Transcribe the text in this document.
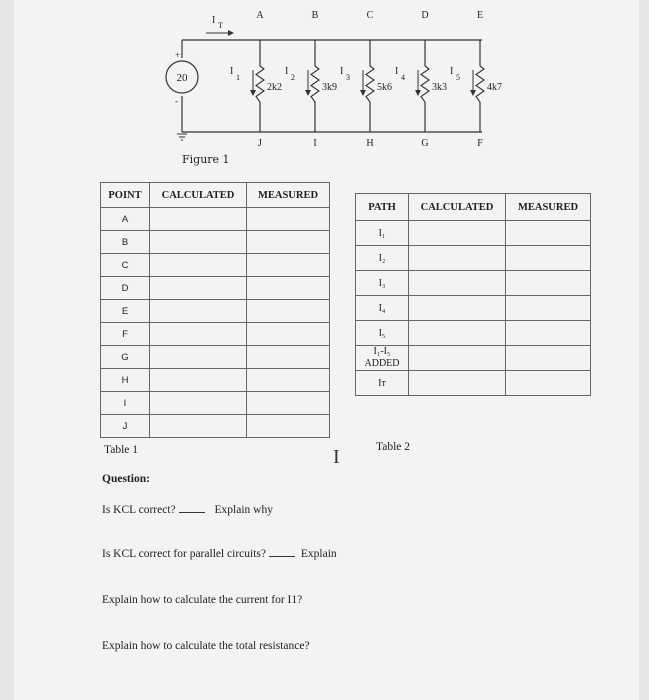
20
+
-
I T
I
1
2k2
I
2
3k9
I
3
5k6
I
4
3k3
I
5
4k7
A	B	C	D	E
J	I	H	G	F
Figure 1
POINT	CALCULATED	MEASURED
A		
B		
C		
D		
E		
F		
G		
H		
I		
J		
Table 1
PATH	CALCULATED	MEASURED
I₁		
I₂		
I₃		
I₄		
I₅		
I₁-I₅ ADDED		
Iᴛ		
Table 2
I
Question:
Is KCL correct?	Explain why
Is KCL correct for parallel circuits?	Explain
Explain how to calculate the current for I1?
Explain how to calculate the total resistance?
